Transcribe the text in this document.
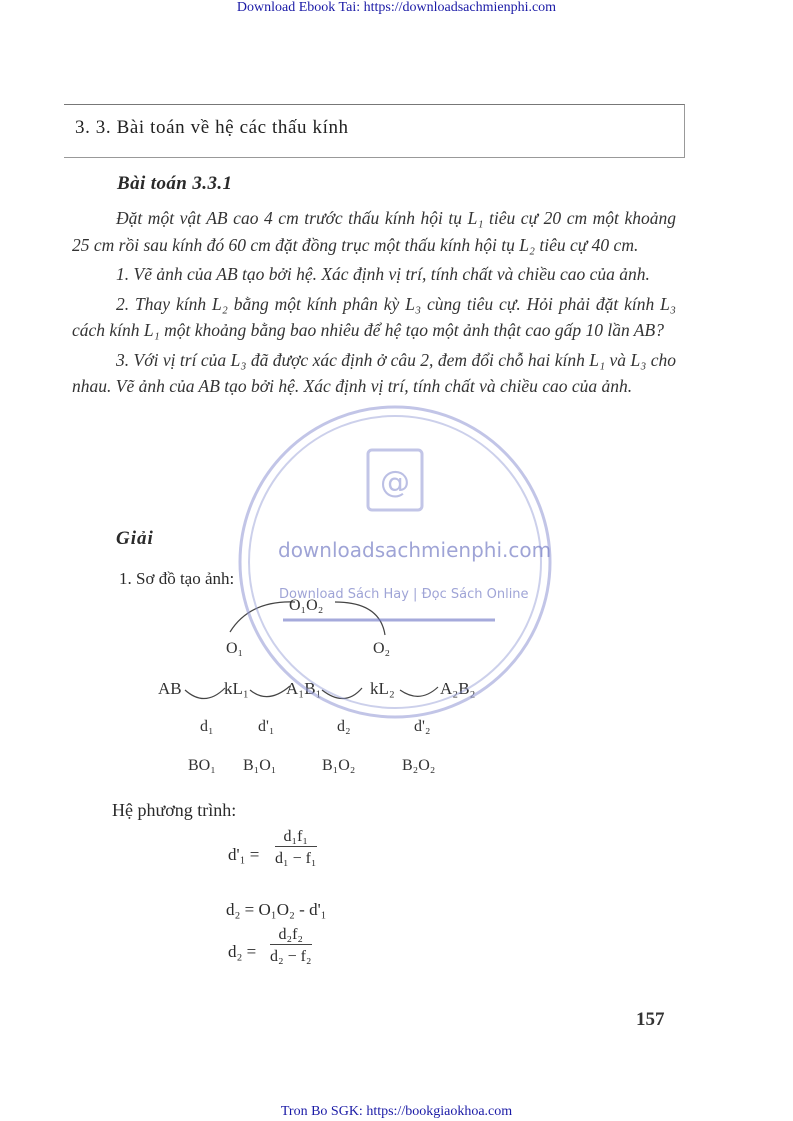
Download Ebook Tai: https://downloadsachmienphi.com
3. 3. Bài toán về hệ các thấu kính
Bài toán 3.3.1

Đặt một vật AB cao 4 cm trước thấu kính hội tụ L₁ tiêu cự 20 cm một khoảng 25 cm rồi sau kính đó 60 cm đặt đồng trục một thấu kính hội tụ L₂ tiêu cự 40 cm.

1. Vẽ ảnh của AB tạo bởi hệ. Xác định vị trí, tính chất và chiều cao của ảnh.

2. Thay kính L₂ bằng một kính phân kỳ L₃ cùng tiêu cự. Hỏi phải đặt kính L₃ cách kính L₁ một khoảng bằng bao nhiêu để hệ tạo một ảnh thật cao gấp 10 lần AB?

3. Với vị trí của L₃ đã được xác định ở câu 2, đem đổi chỗ hai kính L₁ và L₃ cho nhau. Vẽ ảnh của AB tạo bởi hệ. Xác định vị trí, tính chất và chiều cao của ảnh.

Giải
1. Sơ đồ tạo ảnh:
O₁O₂
O₁	O₂
AB kL₁ A₁B₁	kL₂	A₂B₂
d₁	d'₁	d₂	d'₂
BO₁ B₁O₁	B₁O₂	B₂O₂
Hệ phương trình:
$d'_1 = \frac{\text{d₁f₁}}{\text{d₁ − f₁}}$
d₂ = O₁O₂ - d'₁
$d_2 = \frac{\text{d₂f₂}}{\text{d₂ − f₂}}$
157
@
downloadsachmienphi.com
Download Sách Hay | Đọc Sách Online
Tron Bo SGK: https://bookgiaokhoa.com
